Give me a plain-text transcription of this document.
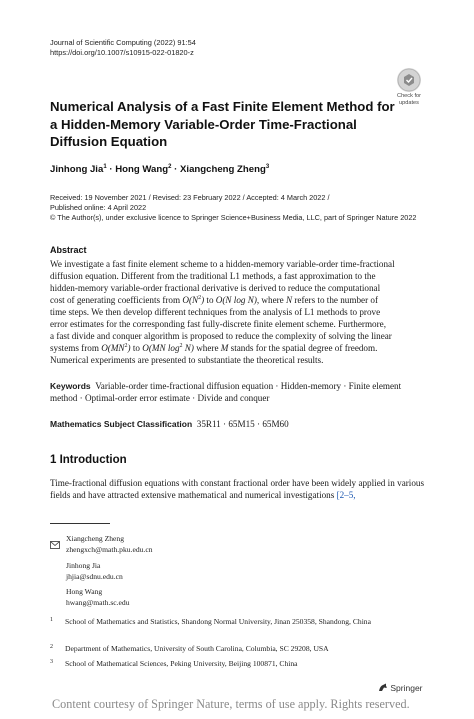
Journal of Scientific Computing (2022) 91:54
https://doi.org/10.1007/s10915-022-01820-z
Check for
updates
Numerical Analysis of a Fast Finite Element Method for a Hidden-Memory Variable-Order Time-Fractional Diffusion Equation
Jinhong Jia$^1$ · Hong Wang$^2$ · Xiangcheng Zheng$^3$
Received: 19 November 2021 / Revised: 23 February 2022 / Accepted: 4 March 2022 /
Published online: 4 April 2022
© The Author(s), under exclusive licence to Springer Science+Business Media, LLC, part of Springer Nature 2022
Abstract

We investigate a fast finite element scheme to a hidden-memory variable-order time-fractional

diffusion equation. Different from the traditional L1 methods, a fast approximation to the

hidden-memory variable-order fractional derivative is derived to reduce the computational

cost of generating coefficients from $O(N^2)$ to O(N log N), where N refers to the number of

time steps. We then develop different techniques from the analysis of L1 methods to prove

error estimates for the corresponding fast fully-discrete finite element scheme. Furthermore,

a fast divide and conquer algorithm is proposed to reduce the complexity of solving the linear

systems from $O(MN^2)$ to O(MN $\log^2 N$) where M stands for the spatial degree of freedom.

Numerical experiments are presented to substantiate the theoretical results.

Keywords Variable-order time-fractional diffusion equation · Hidden-memory · Finite element method · Optimal-order error estimate · Divide and conquer
Mathematics Subject Classification 35R11 · 65M15 · 65M60
1 Introduction
Time-fractional diffusion equations with constant fractional order have been widely applied in various fields and have attracted extensive mathematical and numerical investigations [2–5,
Xiangcheng Zheng
zhengxch@math.pku.edu.cn
Jinhong Jia
jhjia@sdnu.edu.cn
Hong Wang
hwang@math.sc.edu
1 School of Mathematics and Statistics, Shandong Normal University, Jinan 250358, Shandong, China
2 Department of Mathematics, University of South Carolina, Columbia, SC 29208, USA
3 School of Mathematical Sciences, Peking University, Beijing 100871, China
Springer
Content courtesy of Springer Nature, terms of use apply. Rights reserved.
